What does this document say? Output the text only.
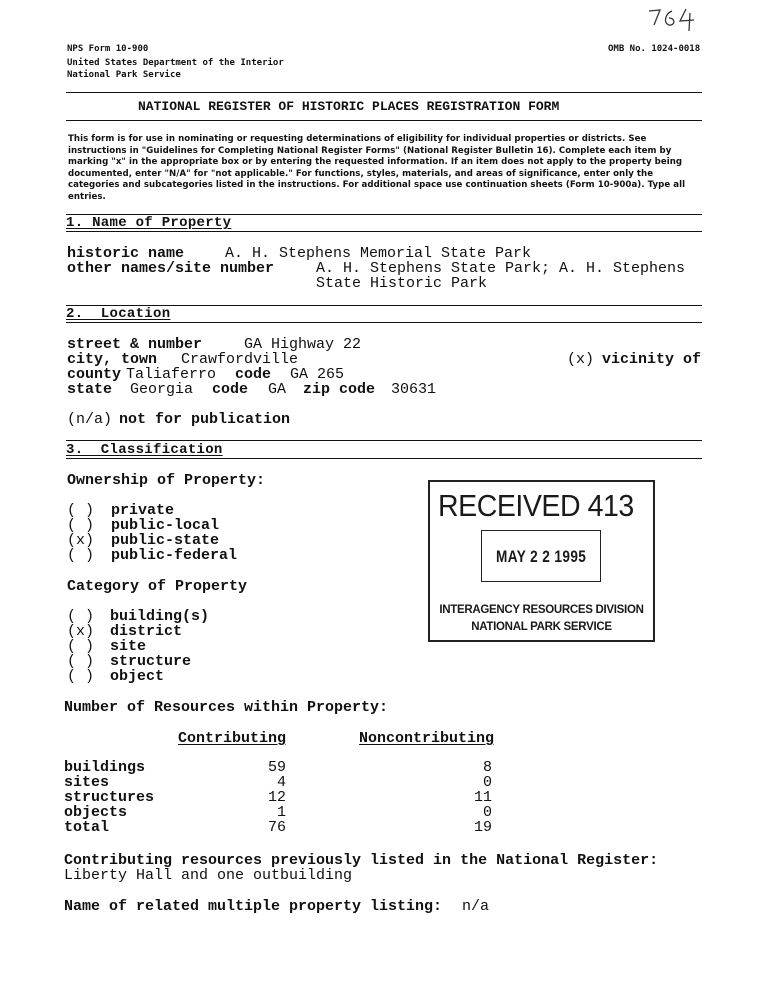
NPS Form 10-900	OMB No. 1024-0018
United States Department of the Interior
National Park Service
NATIONAL REGISTER OF HISTORIC PLACES REGISTRATION FORM
This form is for use in nominating or requesting determinations of eligibility for individual properties or districts. See instructions in "Guidelines for Completing National Register Forms" (National Register Bulletin 16). Complete each item by marking "x" in the appropriate box or by entering the requested information. If an item does not apply to the property being documented, enter "N/A" for "not applicable." For functions, styles, materials, and areas of significance, enter only the categories and subcategories listed in the instructions. For additional space use continuation sheets (Form 10-900a). Type all entries.
1. Name of Property
historic name	A. H. Stephens Memorial State Park
other names/site number	A. H. Stephens State Park; A. H. Stephens
State Historic Park
2.  Location
street & number	GA Highway 22
city, town Crawfordville	(x) vicinity of
county Taliaferro code GA 265
state Georgia code GA zip code 30631
(n/a) not for publication
3.  Classification
Ownership of Property:
( ) private
( ) public-local
(x) public-state
( ) public-federal
Category of Property
( ) building(s)
(x) district
( ) site
( ) structure
( ) object
Number of Resources within Property:
Contributing	Noncontributing
buildings	59	8
sites	4	0
structures	12	11
objects	1	0
total	76	19
Contributing resources previously listed in the National Register:
Liberty Hall and one outbuilding
Name of related multiple property listing: n/a
RECEIVED 413
MAY 2 2 1995
INTERAGENCY RESOURCES DIVISION
NATIONAL PARK SERVICE
